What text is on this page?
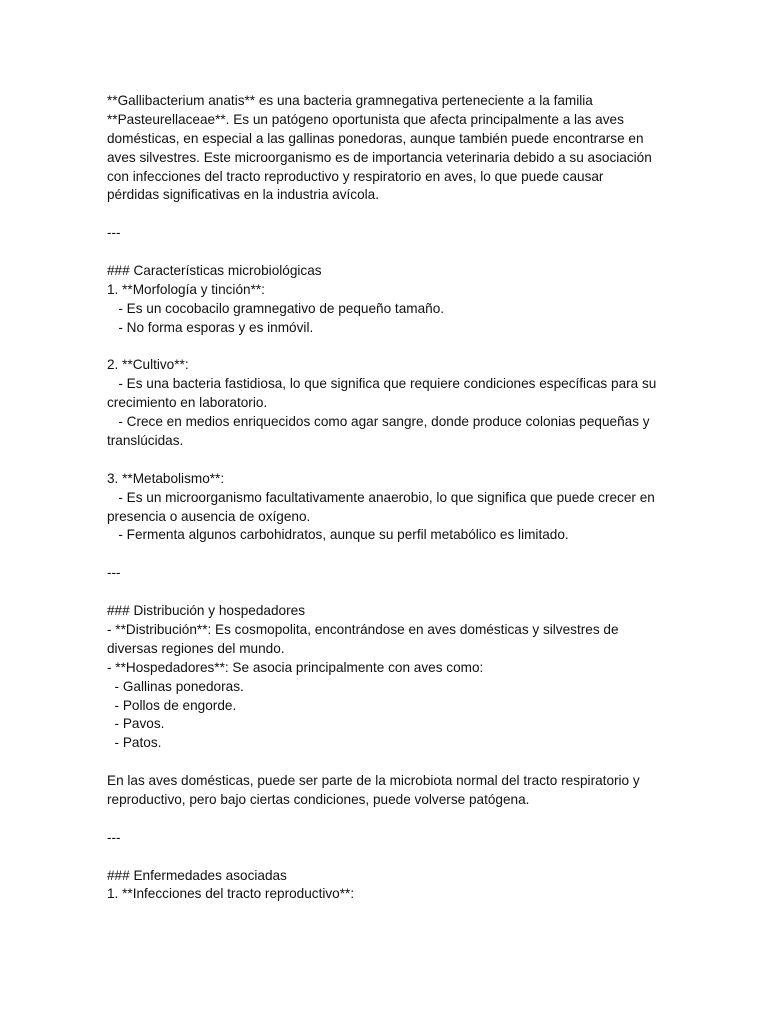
**Gallibacterium anatis** es una bacteria gramnegativa perteneciente a la familia
**Pasteurellaceae**. Es un patógeno oportunista que afecta principalmente a las aves
domésticas, en especial a las gallinas ponedoras, aunque también puede encontrarse en
aves silvestres. Este microorganismo es de importancia veterinaria debido a su asociación
con infecciones del tracto reproductivo y respiratorio en aves, lo que puede causar
pérdidas significativas en la industria avícola.
---
### Características microbiológicas
1. **Morfología y tinción**:
- Es un cocobacilo gramnegativo de pequeño tamaño.
- No forma esporas y es inmóvil.
2. **Cultivo**:
- Es una bacteria fastidiosa, lo que significa que requiere condiciones específicas para su
crecimiento en laboratorio.
- Crece en medios enriquecidos como agar sangre, donde produce colonias pequeñas y
translúcidas.
3. **Metabolismo**:
- Es un microorganismo facultativamente anaerobio, lo que significa que puede crecer en
presencia o ausencia de oxígeno.
- Fermenta algunos carbohidratos, aunque su perfil metabólico es limitado.
---
### Distribución y hospedadores
- **Distribución**: Es cosmopolita, encontrándose en aves domésticas y silvestres de
diversas regiones del mundo.
- **Hospedadores**: Se asocia principalmente con aves como:
- Gallinas ponedoras.
- Pollos de engorde.
- Pavos.
- Patos.
En las aves domésticas, puede ser parte de la microbiota normal del tracto respiratorio y
reproductivo, pero bajo ciertas condiciones, puede volverse patógena.
---
### Enfermedades asociadas
1. **Infecciones del tracto reproductivo**:
